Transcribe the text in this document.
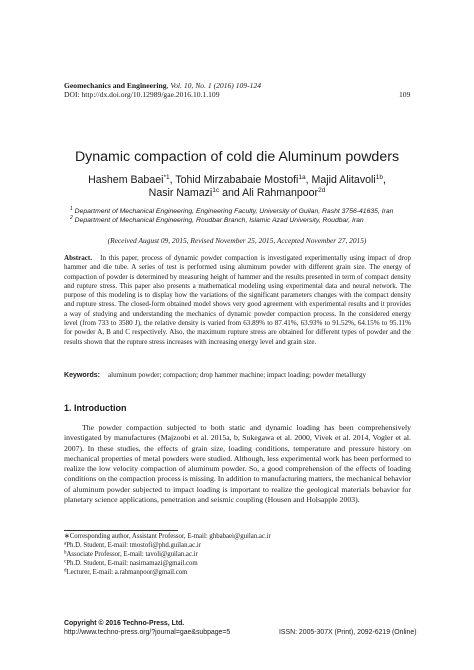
Geomechanics and Engineering, Vol. 10, No. 1 (2016) 109-124
DOI: http://dx.doi.org/10.12989/gae.2016.10.1.109	109
Dynamic compaction of cold die Aluminum powders
Hashem Babaei$^{*1}$, Tohid Mirzababaie Mostofi$^{1a}$, Majid Alitavoli$^{1b}$,
Nasir Namazi$^{1c}$ and Ali Rahmanpoor$^{2d}$
$^1$ Department of Mechanical Engineering, Engineering Faculty, University of Guilan, Rasht 3756-41635, Iran
$^2$ Department of Mechanical Engineering, Roudbar Branch, Islamic Azad University, Roudbar, Iran
(Received August 09, 2015, Revised November 25, 2015, Accepted November 27, 2015)
Abstract. In this paper, process of dynamic powder compaction is investigated experimentally using impact of drop hammer and die tube. A series of test is performed using aluminum powder with different grain size. The energy of compaction of powder is determined by measuring height of hammer and the results presented in term of compact density and rupture stress. This paper also presents a mathematical modeling using experimental data and neural network. The purpose of this modeling is to display how the variations of the significant parameters changes with the compact density and rupture stress. The closed-form obtained model shows very good agreement with experimental results and it provides a way of studying and understanding the mechanics of dynamic powder compaction process. In the considered energy level (from 733 to 3580 J), the relative density is varied from 63.89% to 87.41%, 63.93% to 91.52%, 64.15% to 95.11% for powder A, B and C respectively. Also, the maximum rupture stress are obtained for different types of powder and the results shown that the rupture stress increases with increasing energy level and grain size.
Keywords: aluminum powder; compaction; drop hammer machine; impact loading; powder metallurgy
1. Introduction
The powder compaction subjected to both static and dynamic loading has been comprehensively investigated by manufactures (Majzoobi et al. 2015a, b, Sukegawa et al. 2000, Vivek et al. 2014, Vogler et al. 2007). In these studies, the effects of grain size, loading conditions, temperature and pressure history on mechanical properties of metal powders were studied. Although, less experimental work has been performed to realize the low velocity compaction of aluminum powder. So, a good comprehension of the effects of loading conditions on the compaction process is missing. In addition to manufacturing matters, the mechanical behavior of aluminum powder subjected to impact loading is important to realize the geological materials behavior for planetary science applications, penetration and seismic coupling (Housen and Holsapple 2003).
∗Corresponding author, Assistant Professor, E-mail: ghbabaei@guilan.ac.ir
$^a$Ph.D. Student, E-mail: tmostofi@phd.guilan.ac.ir
$^b$Associate Professor, E-mail: tavoli@guilan.ac.ir
$^c$Ph.D. Student, E-mail: nasirnamazi@gmail.com
$^d$Lecturer, E-mail: a.rahmanpoor@gmail.com
Copyright © 2016 Techno-Press, Ltd.
http://www.techno-press.org/?journal=gae&subpage=5	ISSN: 2005-307X (Print), 2092-6219 (Online)
